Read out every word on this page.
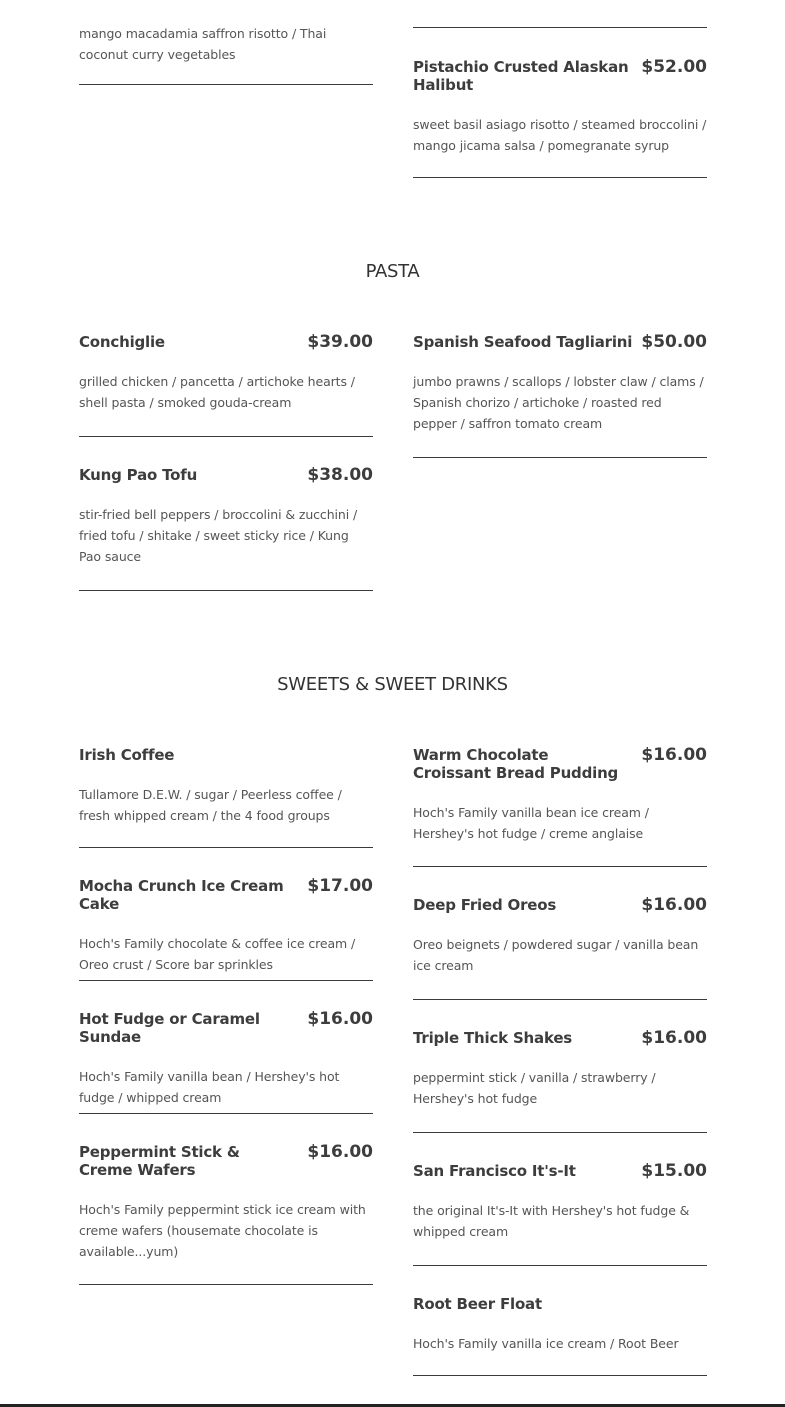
mango macadamia saffron risotto / Thai coconut curry vegetables

Pistachio Crusted Alaskan Halibut
$52.00

sweet basil asiago risotto / steamed broccolini / mango jicama salsa / pomegranate syrup

PASTA
Conchiglie	$39.00

grilled chicken / pancetta / artichoke hearts / shell pasta / smoked gouda-cream

Kung Pao Tofu	$38.00

stir-fried bell peppers / broccolini & zucchini / fried tofu / shitake / sweet sticky rice / Kung Pao sauce

Spanish Seafood Tagliarini $50.00

jumbo prawns / scallops / lobster claw / clams / Spanish chorizo / artichoke / roasted red pepper / saffron tomato cream

SWEETS & SWEET DRINKS
Irish Coffee

Tullamore D.E.W. / sugar / Peerless coffee / fresh whipped cream / the 4 food groups

Mocha Crunch Ice Cream Cake
$17.00

Hoch's Family chocolate & coffee ice cream / Oreo crust / Score bar sprinkles

Hot Fudge or Caramel Sundae
$16.00

Hoch's Family vanilla bean / Hershey's hot fudge / whipped cream

Peppermint Stick & Creme Wafers
$16.00

Hoch's Family peppermint stick ice cream with creme wafers (housemate chocolate is available...yum)

Warm Chocolate Croissant Bread Pudding
$16.00

Hoch's Family vanilla bean ice cream / Hershey's hot fudge / creme anglaise

Deep Fried Oreos	$16.00

Oreo beignets / powdered sugar / vanilla bean ice cream

Triple Thick Shakes	$16.00

peppermint stick / vanilla / strawberry / Hershey's hot fudge

San Francisco It's-It	$15.00

the original It's-It with Hershey's hot fudge & whipped cream

Root Beer Float

Hoch's Family vanilla ice cream / Root Beer
